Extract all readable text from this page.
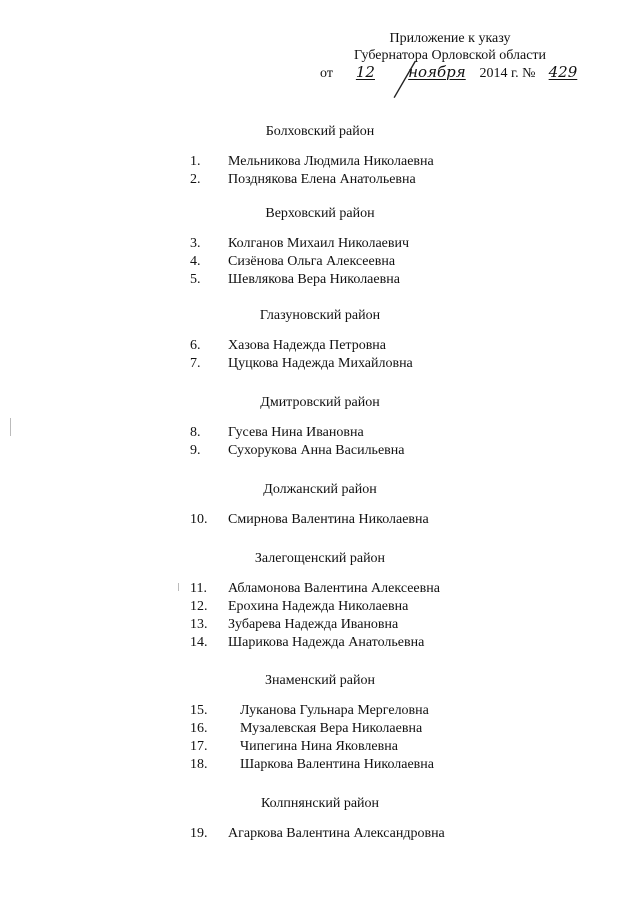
Приложение к указу
Губернатора Орловской области
от 12 ноября 2014 г. № 429
Болховский район
1.	Мельникова Людмила Николаевна
2.	Позднякова Елена Анатольевна
Верховский район
3.	Колганов Михаил Николаевич
4.	Сизёнова Ольга Алексеевна
5.	Шевлякова Вера Николаевна
Глазуновский район
6.	Хазова Надежда Петровна
7.	Цуцкова Надежда Михайловна
Дмитровский район
8.	Гусева Нина Ивановна
9.	Сухорукова Анна Васильевна
Должанский район
10.	Смирнова Валентина Николаевна
Залегощенский район
11.	Абламонова Валентина Алексеевна
12.	Ерохина Надежда Николаевна
13.	Зубарева Надежда Ивановна
14.	Шарикова Надежда Анатольевна
Знаменский район
15.	Луканова Гульнара Мергеловна
16.	Музалевская Вера Николаевна
17.	Чипегина Нина Яковлевна
18.	Шаркова Валентина Николаевна
Колпнянский район
19.	Агаркова Валентина Александровна
